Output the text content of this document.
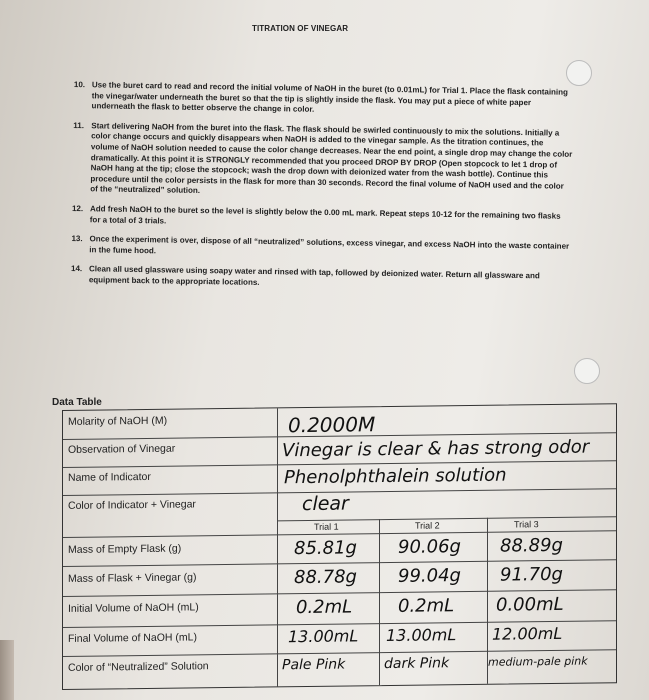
TITRATION OF VINEGAR
10. Use the buret card to read and record the initial volume of NaOH in the buret (to 0.01mL) for Trial 1. Place the flask containing the vinegar/water underneath the buret so that the tip is slightly inside the flask. You may put a piece of white paper underneath the flask to better observe the change in color.
11. Start delivering NaOH from the buret into the flask. The flask should be swirled continuously to mix the solutions. Initially a color change occurs and quickly disappears when NaOH is added to the vinegar sample. As the titration continues, the volume of NaOH solution needed to cause the color change decreases. Near the end point, a single drop may change the color dramatically. At this point it is STRONGLY recommended that you proceed DROP BY DROP (Open stopcock to let 1 drop of NaOH hang at the tip; close the stopcock; wash the drop down with deionized water from the wash bottle). Continue this procedure until the color persists in the flask for more than 30 seconds. Record the final volume of NaOH used and the color of the “neutralized” solution.
12. Add fresh NaOH to the buret so the level is slightly below the 0.00 mL mark. Repeat steps 10-12 for the remaining two flasks for a total of 3 trials.
13. Once the experiment is over, dispose of all “neutralized” solutions, excess vinegar, and excess NaOH into the waste container in the fume hood.
14. Clean all used glassware using soapy water and rinsed with tap, followed by deionized water. Return all glassware and equipment back to the appropriate locations.
Data Table
Molarity of NaOH (M)	0.2000M
Observation of Vinegar	Vinegar is clear & has strong odor
Name of Indicator	Phenolphthalein solution
Color of Indicator + Vinegar	clear
Trial 1	Trial 2	Trial 3
Mass of Empty Flask (g)	85.81g 90.06g 88.89g
Mass of Flask + Vinegar (g)	88.78g 99.04g 91.70g
Initial Volume of NaOH (mL)	0.2mL	0.2mL 0.00mL
Final Volume of NaOH (mL)	13.00mL 13.00mL 12.00mL
Color of “Neutralized” Solution	Pale Pink	dark Pink	medium-pale pink
